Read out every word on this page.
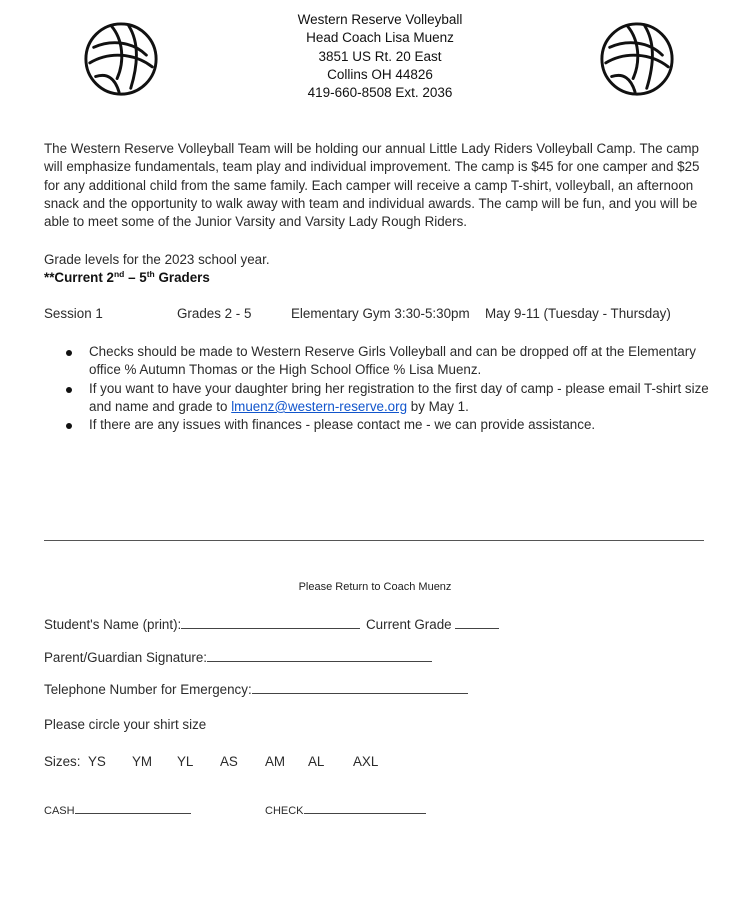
Western Reserve Volleyball
Head Coach Lisa Muenz
3851 US Rt. 20 East
Collins OH 44826
419-660-8508 Ext. 2036
The Western Reserve Volleyball Team will be holding our annual Little Lady Riders Volleyball Camp. The camp will emphasize fundamentals, team play and individual improvement. The camp is $45 for one camper and $25 for any additional child from the same family. Each camper will receive a camp T-shirt, volleyball, an afternoon snack and the opportunity to walk away with team and individual awards. The camp will be fun, and you will be able to meet some of the Junior Varsity and Varsity Lady Rough Riders.
Grade levels for the 2023 school year.
**Current 2nd – 5th Graders
Session 1	Grades 2 - 5	Elementary Gym 3:30-5:30pm May 9-11 (Tuesday - Thursday)
Checks should be made to Western Reserve Girls Volleyball and can be dropped off at the Elementary office % Autumn Thomas or the High School Office % Lisa Muenz.
If you want to have your daughter bring her registration to the first day of camp - please email T-shirt size and name and grade to lmuenz@western-reserve.org by May 1.
If there are any issues with finances - please contact me - we can provide assistance.
Please Return to Coach Muenz
Student's Name (print):	Current Grade
Parent/Guardian Signature:
Telephone Number for Emergency:
Please circle your shirt size
Sizes: YS YM YL AS AM AL AXL
CASH	CHECK
